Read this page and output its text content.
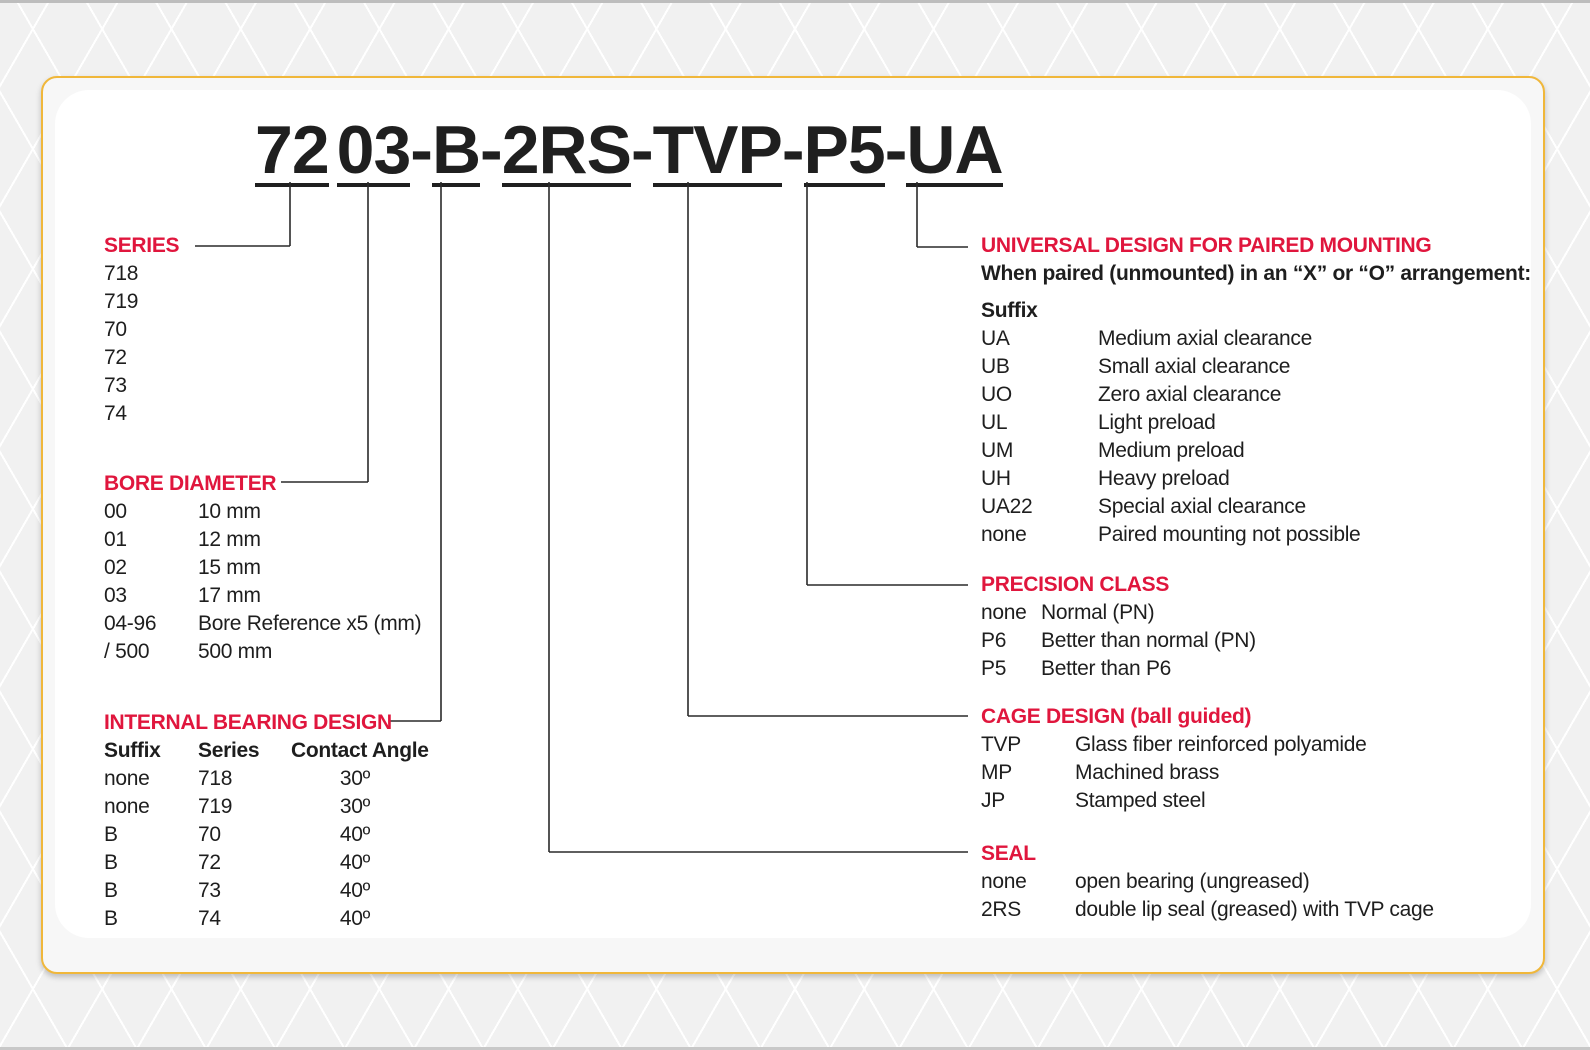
72 03-B-2RS-TVP-P5-UA
SERIES
718
719
70
72
73
74
BORE DIAMETER
00	10 mm
01	12 mm
02	15 mm
03	17 mm
04-96 Bore Reference x5 (mm)
/ 500 500 mm
INTERNAL BEARING DESIGN
Suffix Series Contact Angle
none 718	30º
none 719	30º
B	70	40º
B	72	40º
B	73	40º
B	74	40º
UNIVERSAL DESIGN FOR PAIRED MOUNTING
When paired (unmounted) in an “X” or “O” arrangement:
Suffix
UA	Medium axial clearance
UB	Small axial clearance
UO	Zero axial clearance
UL	Light preload
UM	Medium preload
UH	Heavy preload
UA22	Special axial clearance
none	Paired mounting not possible
PRECISION CLASS
none Normal (PN)
P6 Better than normal (PN)
P5 Better than P6
CAGE DESIGN (ball guided)
TVP	Glass fiber reinforced polyamide
MP	Machined brass
JP	Stamped steel
SEAL
none open bearing (ungreased)
2RS	double lip seal (greased) with TVP cage
